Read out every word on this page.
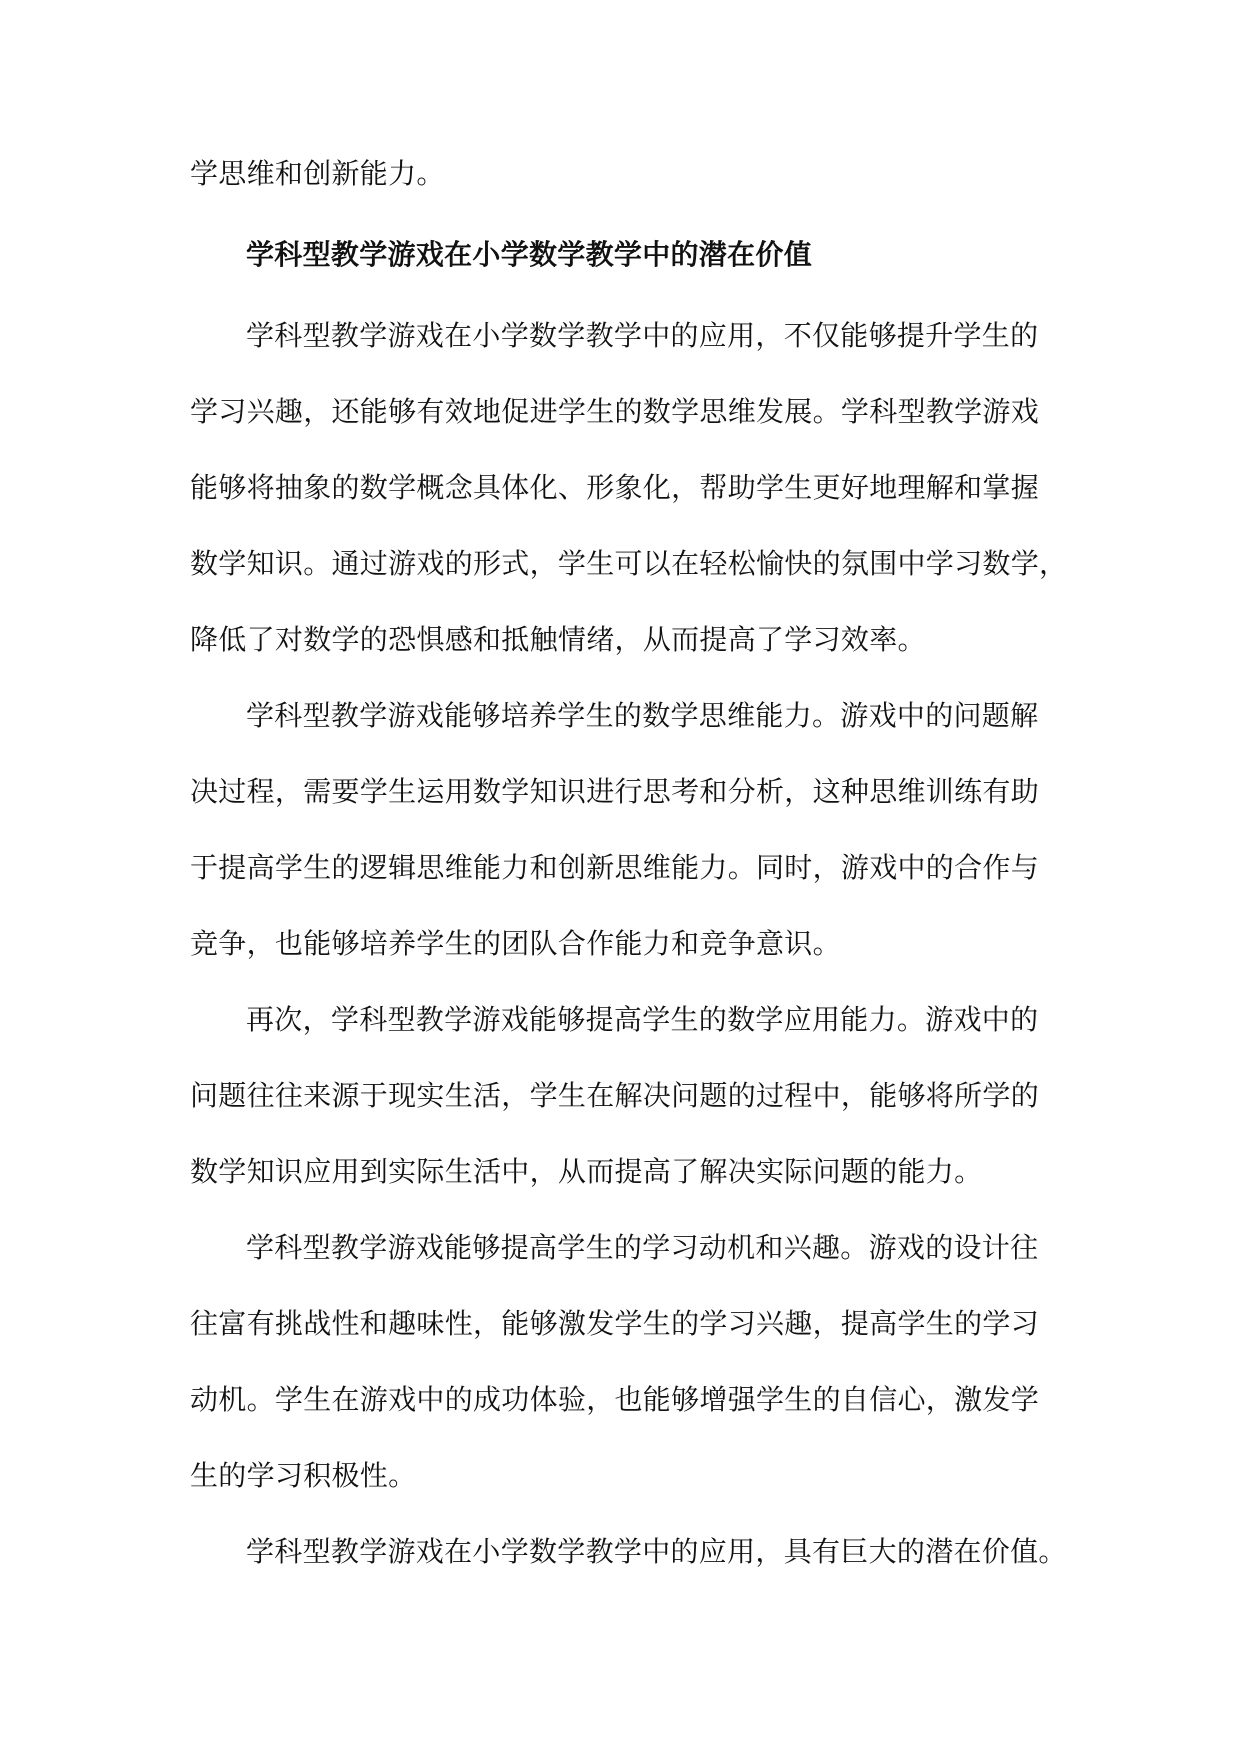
学思维和创新能力。
学科型教学游戏在小学数学教学中的潜在价值
学科型教学游戏在小学数学教学中的应用，不仅能够提升学生的
学习兴趣，还能够有效地促进学生的数学思维发展。学科型教学游戏
能够将抽象的数学概念具体化、形象化，帮助学生更好地理解和掌握
数学知识。通过游戏的形式，学生可以在轻松愉快的氛围中学习数学，
降低了对数学的恐惧感和抵触情绪，从而提高了学习效率。
学科型教学游戏能够培养学生的数学思维能力。游戏中的问题解
决过程，需要学生运用数学知识进行思考和分析，这种思维训练有助
于提高学生的逻辑思维能力和创新思维能力。同时，游戏中的合作与
竞争，也能够培养学生的团队合作能力和竞争意识。
再次，学科型教学游戏能够提高学生的数学应用能力。游戏中的
问题往往来源于现实生活，学生在解决问题的过程中，能够将所学的
数学知识应用到实际生活中，从而提高了解决实际问题的能力。
学科型教学游戏能够提高学生的学习动机和兴趣。游戏的设计往
往富有挑战性和趣味性，能够激发学生的学习兴趣，提高学生的学习
动机。学生在游戏中的成功体验，也能够增强学生的自信心，激发学
生的学习积极性。
学科型教学游戏在小学数学教学中的应用，具有巨大的潜在价值。
